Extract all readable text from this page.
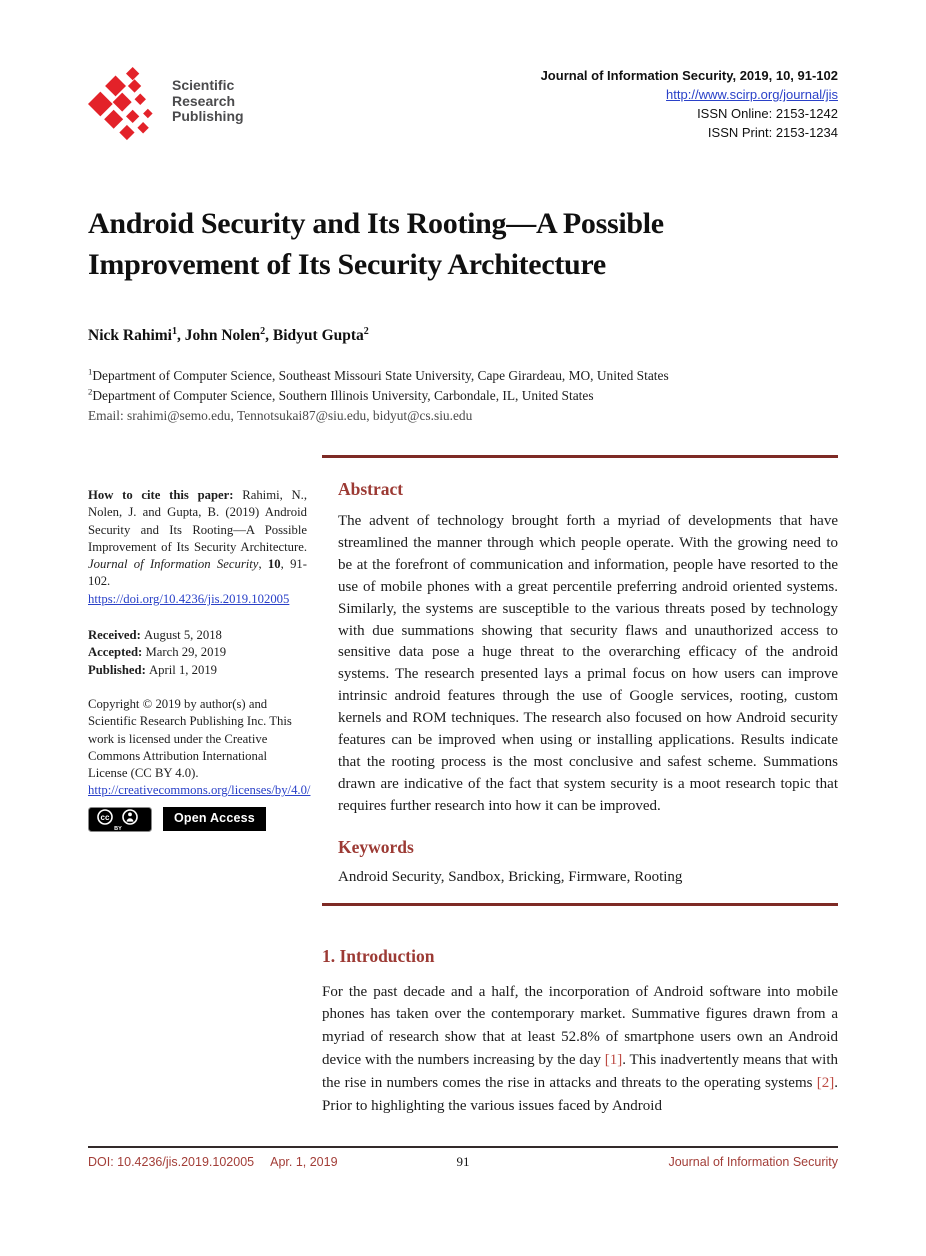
Scientific
Research
Publishing
Journal of Information Security, 2019, 10, 91-102
http://www.scirp.org/journal/jis
ISSN Online: 2153-1242
ISSN Print: 2153-1234
Android Security and Its Rooting—A Possible Improvement of Its Security Architecture
Nick Rahimi$^1$, John Nolen$^2$, Bidyut Gupta$^2$
$^1$Department of Computer Science, Southeast Missouri State University, Cape Girardeau, MO, United States
$^2$Department of Computer Science, Southern Illinois University, Carbondale, IL, United States
Email: srahimi@semo.edu, Tennotsukai87@siu.edu, bidyut@cs.siu.edu

How to cite this paper: Rahimi, N., Nolen, J. and Gupta, B. (2019) Android Security and Its Rooting—A Possible Improvement of Its Security Architecture. Journal of Information Security, 10, 91-102.

https://doi.org/10.4236/jis.2019.102005
Received: August 5, 2018
Accepted: March 29, 2019
Published: April 1, 2019

Copyright © 2019 by author(s) and Scientific Research Publishing Inc. This work is licensed under the Creative Commons Attribution International License (CC BY 4.0).

http://creativecommons.org/licenses/by/4.0/
cc
BY
Open Access
Abstract

The advent of technology brought forth a myriad of developments that have streamlined the manner through which people operate. With the growing need to be at the forefront of communication and information, people have resorted to the use of mobile phones with a great percentile preferring android oriented systems. Similarly, the systems are susceptible to the various threats posed by technology with due summations showing that security flaws and unauthorized access to sensitive data pose a huge threat to the overarching efficacy of the android systems. The research presented lays a primal focus on how users can improve intrinsic android features through the use of Google services, rooting, custom kernels and ROM techniques. The research also focused on how Android security features can be improved when using or installing applications. Results indicate that the rooting process is the most conclusive and safest scheme. Summations drawn are indicative of the fact that system security is a moot research topic that requires further research into how it can be improved.

Keywords

Android Security, Sandbox, Bricking, Firmware, Rooting

1. Introduction

For the past decade and a half, the incorporation of Android software into mobile phones has taken over the contemporary market. Summative figures drawn from a myriad of research show that at least 52.8% of smartphone users own an Android device with the numbers increasing by the day [1]. This inadvertently means that with the rise in numbers comes the rise in attacks and threats to the operating systems [2]. Prior to highlighting the various issues faced by Android

DOI: 10.4236/jis.2019.102005 Apr. 1, 2019	91	Journal of Information Security
